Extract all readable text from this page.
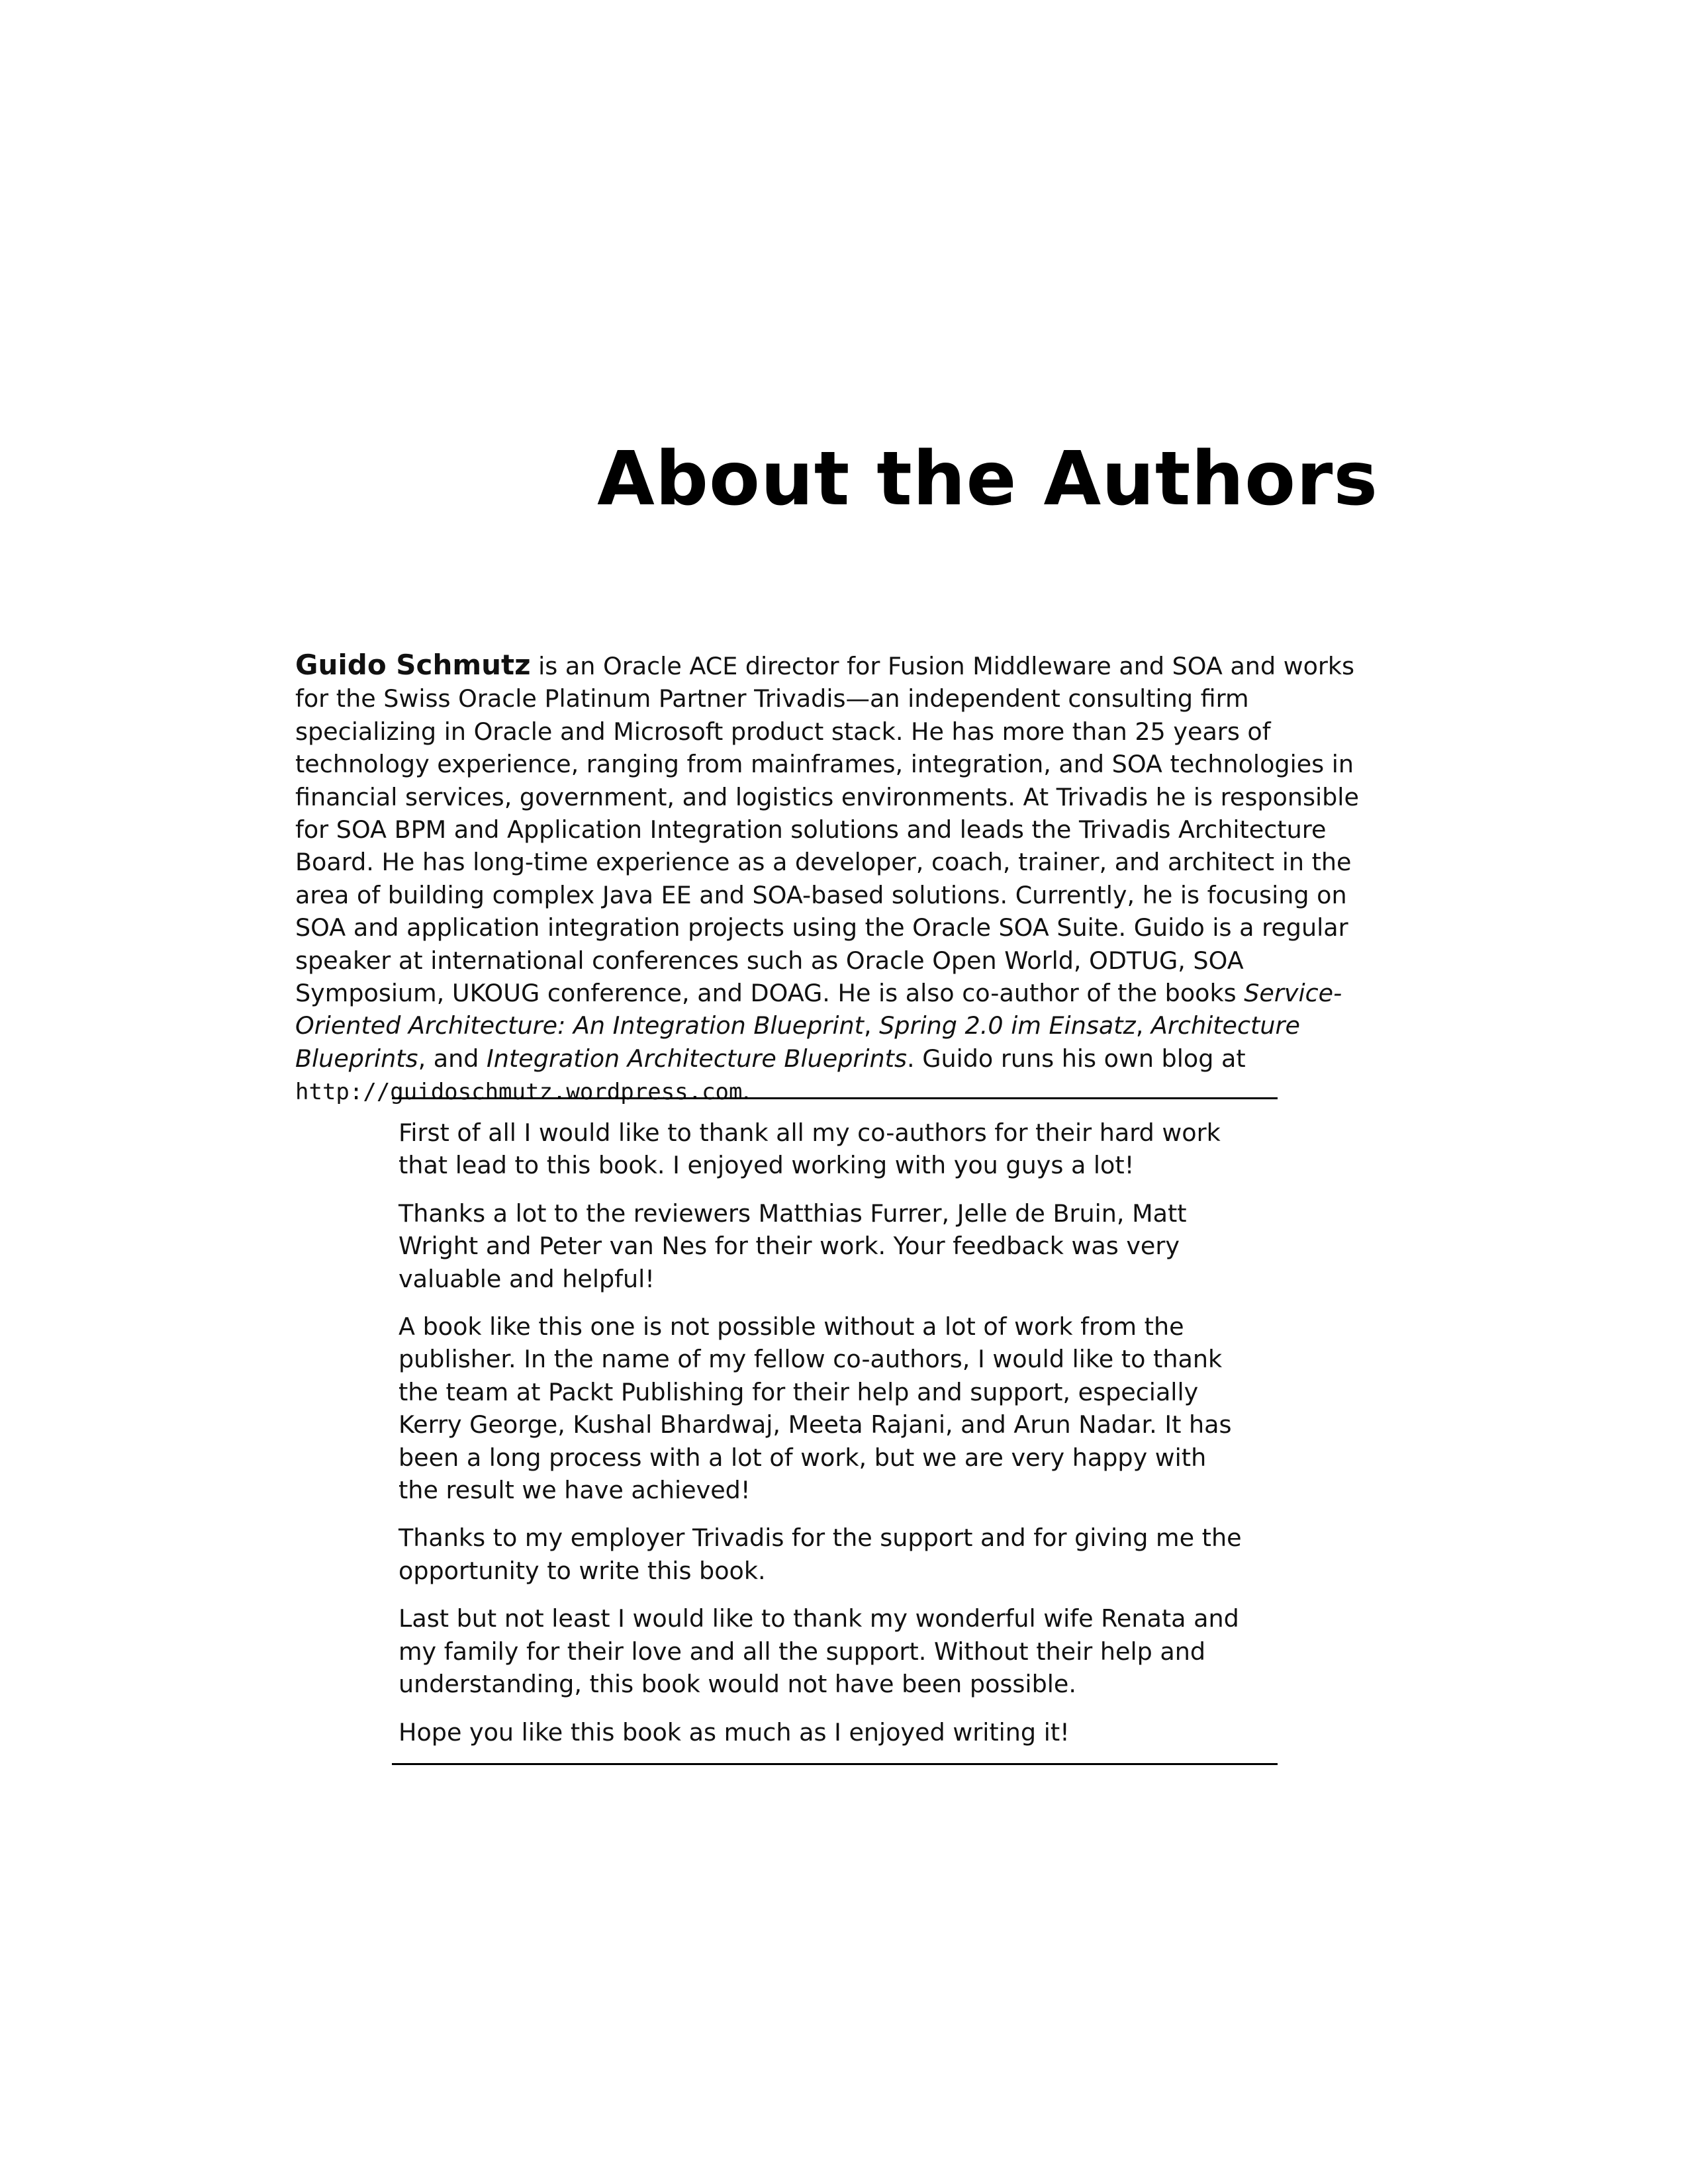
About the Authors

Guido Schmutz is an Oracle ACE director for Fusion Middleware and SOA and works for the Swiss Oracle Platinum Partner Trivadis—an independent consulting firm specializing in Oracle and Microsoft product stack. He has more than 25 years of technology experience, ranging from mainframes, integration, and SOA technologies in financial services, government, and logistics environments. At Trivadis he is responsible for SOA BPM and Application Integration solutions and leads the Trivadis Architecture Board. He has long-time experience as a developer, coach, trainer, and architect in the area of building complex Java EE and SOA-based solutions. Currently, he is focusing on SOA and application integration projects using the Oracle SOA Suite. Guido is a regular speaker at international conferences such as Oracle Open World, ODTUG, SOA Symposium, UKOUG conference, and DOAG. He is also co-author of the books Service-Oriented Architecture: An Integration Blueprint, Spring 2.0 im Einsatz, Architecture Blueprints, and Integration Architecture Blueprints. Guido runs his own blog at http://guidoschmutz.wordpress.com.

First of all I would like to thank all my co-authors for their hard work that lead to this book. I enjoyed working with you guys a lot!

Thanks a lot to the reviewers Matthias Furrer, Jelle de Bruin, Matt Wright and Peter van Nes for their work. Your feedback was very valuable and helpful!

A book like this one is not possible without a lot of work from the publisher. In the name of my fellow co-authors, I would like to thank the team at Packt Publishing for their help and support, especially Kerry George, Kushal Bhardwaj, Meeta Rajani, and Arun Nadar. It has been a long process with a lot of work, but we are very happy with the result we have achieved!

Thanks to my employer Trivadis for the support and for giving me the opportunity to write this book.

Last but not least I would like to thank my wonderful wife Renata and my family for their love and all the support. Without their help and understanding, this book would not have been possible.

Hope you like this book as much as I enjoyed writing it!
